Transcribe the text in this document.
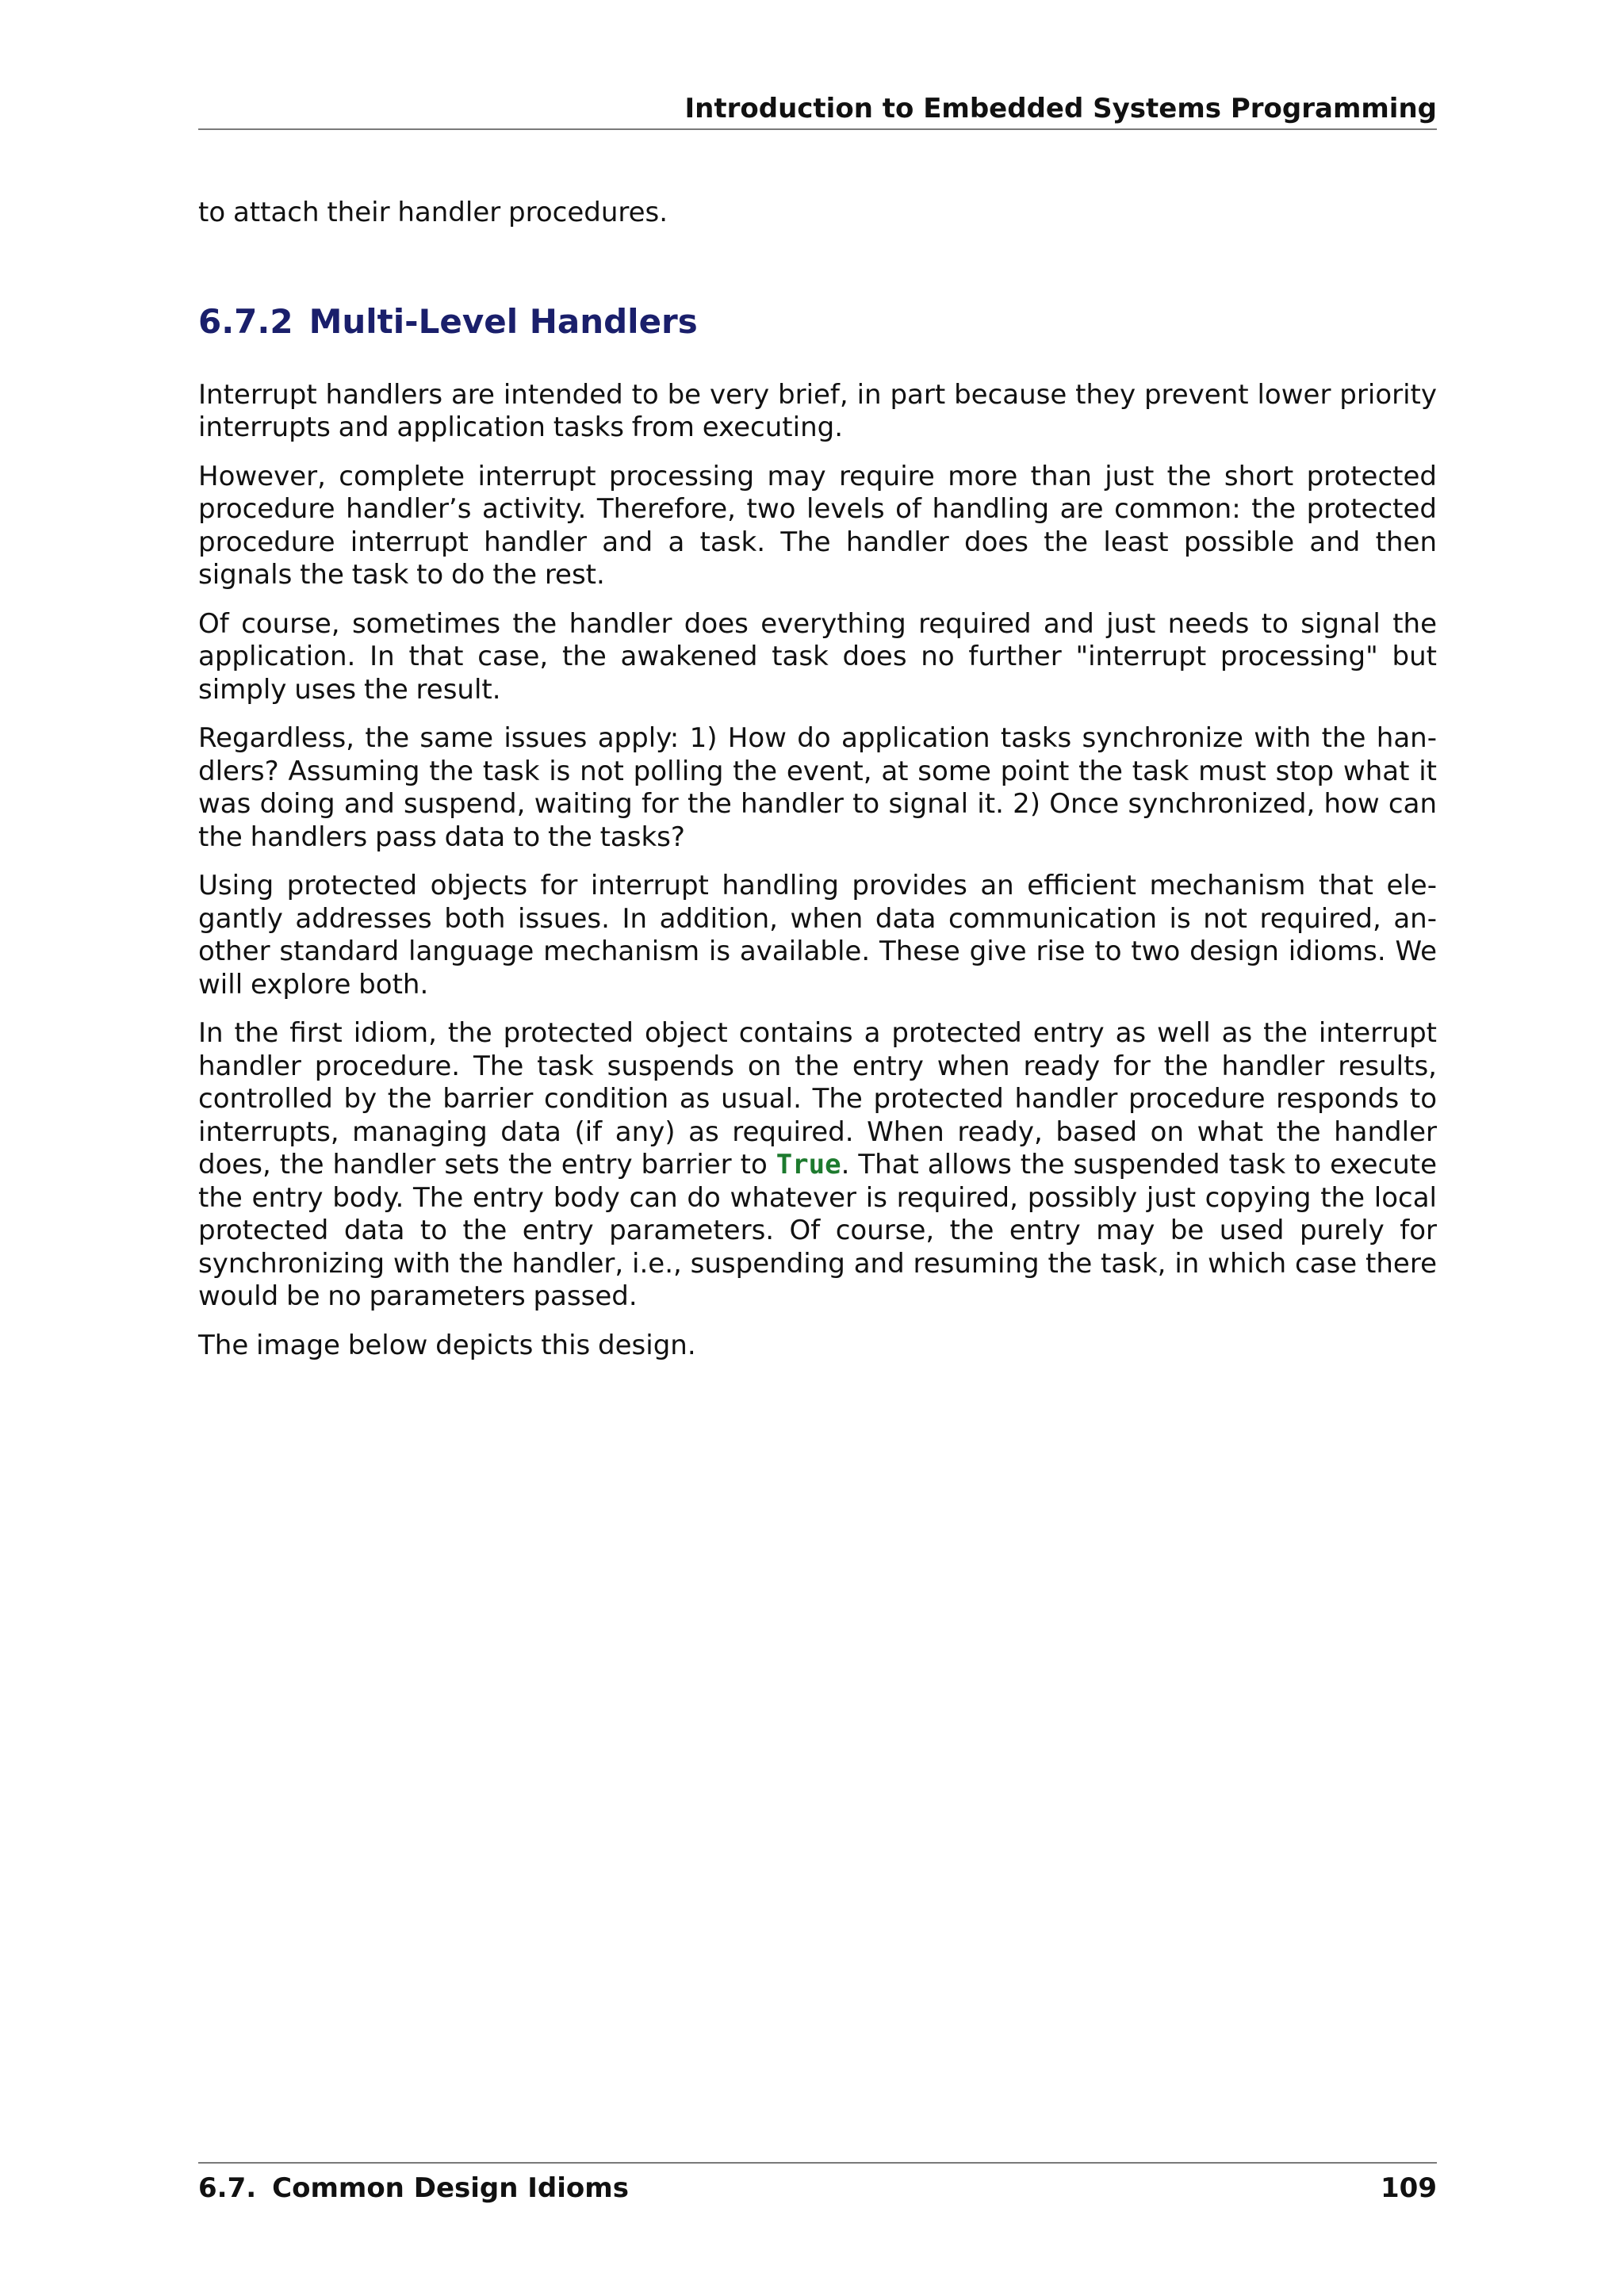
Introduction to Embedded Systems Programming

to attach their handler procedures.

6.7.2 Multi-Level Handlers

Interrupt handlers are intended to be very brief, in part because they prevent lower priority interrupts and application tasks from executing.

However, complete interrupt processing may require more than just the short protected procedure handler’s activity. Therefore, two levels of handling are common: the protected procedure interrupt handler and a task. The handler does the least possible and then signals the task to do the rest.

Of course, sometimes the handler does everything required and just needs to signal the application. In that case, the awakened task does no further "interrupt processing" but simply uses the result.

Regardless, the same issues apply: 1) How do application tasks synchronize with the han-dlers? Assuming the task is not polling the event, at some point the task must stop what it was doing and suspend, waiting for the handler to signal it. 2) Once synchronized, how can the handlers pass data to the tasks?

Using protected objects for interrupt handling provides an efficient mechanism that ele-gantly addresses both issues. In addition, when data communication is not required, an-other standard language mechanism is available. These give rise to two design idioms. We will explore both.

In the first idiom, the protected object contains a protected entry as well as the interrupt handler procedure. The task suspends on the entry when ready for the handler results, controlled by the barrier condition as usual. The protected handler procedure responds to interrupts, managing data (if any) as required. When ready, based on what the handler does, the handler sets the entry barrier to True. That allows the suspended task to execute the entry body. The entry body can do whatever is required, possibly just copying the local protected data to the entry parameters. Of course, the entry may be used purely for synchronizing with the handler, i.e., suspending and resuming the task, in which case there would be no parameters passed.

The image below depicts this design.

6.7. Common Design Idioms	109
